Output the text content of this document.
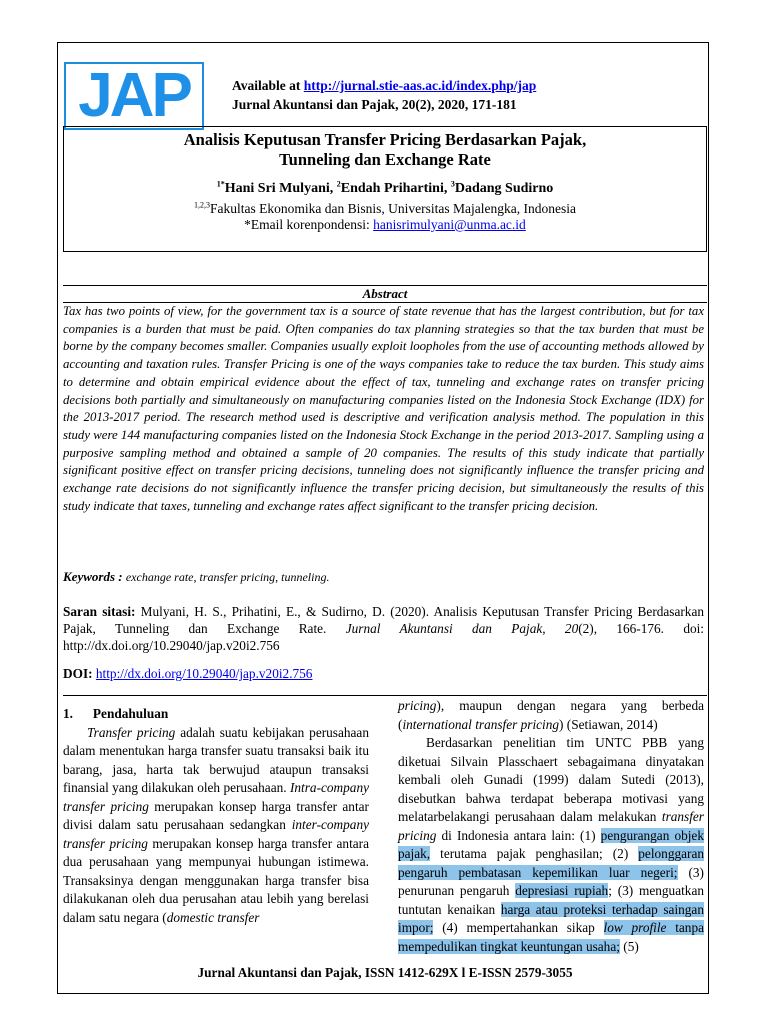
JAP	Available at http://jurnal.stie-aas.ac.id/index.php/jap
Jurnal Akuntansi dan Pajak, 20(2), 2020, 171-181
Analisis Keputusan Transfer Pricing Berdasarkan Pajak,
Tunneling dan Exchange Rate
$^{1*}$Hani Sri Mulyani, $^2$Endah Prihartini, $^3$Dadang Sudirno
$^{1,2,3}$Fakultas Ekonomika dan Bisnis, Universitas Majalengka, Indonesia
*Email korenpondensi: hanisrimulyani@unma.ac.id
Abstract
Tax has two points of view, for the government tax is a source of state revenue that has the largest contribution, but for tax companies is a burden that must be paid. Often companies do tax planning strategies so that the tax burden that must be borne by the company becomes smaller. Companies usually exploit loopholes from the use of accounting methods allowed by accounting and taxation rules. Transfer Pricing is one of the ways companies take to reduce the tax burden. This study aims to determine and obtain empirical evidence about the effect of tax, tunneling and exchange rates on transfer pricing decisions both partially and simultaneously on manufacturing companies listed on the Indonesia Stock Exchange (IDX) for the 2013-2017 period. The research method used is descriptive and verification analysis method. The population in this study were 144 manufacturing companies listed on the Indonesia Stock Exchange in the period 2013-2017. Sampling using a purposive sampling method and obtained a sample of 20 companies. The results of this study indicate that partially significant positive effect on transfer pricing decisions, tunneling does not significantly influence the transfer pricing and exchange rate decisions do not significantly influence the transfer pricing decision, but simultaneously the results of this study indicate that taxes, tunneling and exchange rates affect significant to the transfer pricing decision.
Keywords : exchange rate, transfer pricing, tunneling.
Saran sitasi: Mulyani, H. S., Prihatini, E., & Sudirno, D. (2020). Analisis Keputusan Transfer Pricing Berdasarkan Pajak, Tunneling dan Exchange Rate. Jurnal Akuntansi dan Pajak, 20(2), 166-176. doi: http://dx.doi.org/10.29040/jap.v20i2.756
DOI: http://dx.doi.org/10.29040/jap.v20i2.756
1.      Pendahuluan
Transfer pricing adalah suatu kebijakan perusahaan dalam menentukan harga transfer suatu transaksi baik itu barang, jasa, harta tak berwujud ataupun transaksi finansial yang dilakukan oleh perusahaan. Intra-company transfer pricing merupakan konsep harga transfer antar divisi dalam satu perusahaan sedangkan inter-company transfer pricing merupakan konsep harga transfer antara dua perusahaan yang mempunyai hubungan istimewa. Transaksinya dengan menggunakan harga transfer bisa dilakukanan oleh dua perusahan atau lebih yang berelasi dalam satu negara (domestic transfer
pricing), maupun dengan negara yang berbeda (international transfer pricing) (Setiawan, 2014)
Berdasarkan penelitian tim UNTC PBB yang diketuai Silvain Plasschaert sebagaimana dinyatakan kembali oleh Gunadi (1999) dalam Sutedi (2013), disebutkan bahwa terdapat beberapa motivasi yang melatarbelakangi perusahaan dalam melakukan transfer pricing di Indonesia antara lain: (1) pengurangan objek pajak, terutama pajak penghasilan; (2) pelonggaran pengaruh pembatasan kepemilikan luar negeri; (3) penurunan pengaruh depresiasi rupiah; (3) menguatkan tuntutan kenaikan harga atau proteksi terhadap saingan impor; (4) mempertahankan sikap low profile tanpa mempedulikan tingkat keuntungan usaha; (5)
Jurnal Akuntansi dan Pajak, ISSN 1412-629X l E-ISSN 2579-3055
